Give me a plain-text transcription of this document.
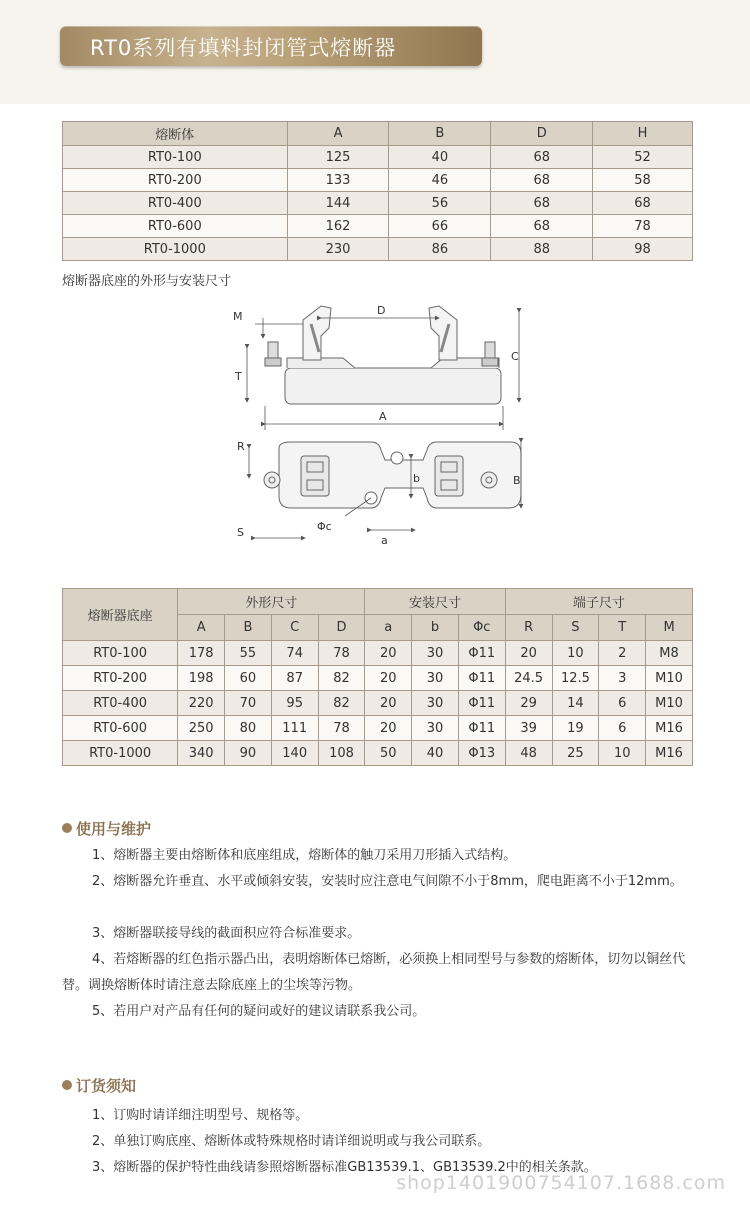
RT0系列有填料封闭管式熔断器
熔断体	A	B	D	H
RT0-100	125	40	68	52
RT0-200	133	46	68	58
RT0-400	144	56	68	68
RT0-600	162	66	68	78
RT0-1000	230	86	88	98
熔断器底座的外形与安装尺寸
M	D
C
T
A
R
b	B
S	Φc
a
熔断器底座	外形尺寸				安装尺寸			端子尺寸			
	A	B	C	D	a	b	Φc	R	S	T	M
RT0-100	178	55	74	78	20	30	Φ11	20	10	2	M8
RT0-200	198	60	87	82	20	30	Φ11	24.5	12.5	3	M10
RT0-400	220	70	95	82	20	30	Φ11	29	14	6	M10
RT0-600	250	80	111	78	20	30	Φ11	39	19	6	M16
RT0-1000	340	90	140	108	50	40	Φ13	48	25	10	M16
使用与维护
1、熔断器主要由熔断体和底座组成，熔断体的触刀采用刀形插入式结构。
2、熔断器允许垂直、水平或倾斜安装，安装时应注意电气间隙不小于8mm，爬电距离不小于12mm。
3、熔断器联接导线的截面积应符合标准要求。
4、若熔断器的红色指示器凸出，表明熔断体已熔断，必须换上相同型号与参数的熔断体，切勿以铜丝代替。调换熔断体时请注意去除底座上的尘埃等污物。
5、若用户对产品有任何的疑问或好的建议请联系我公司。
订货须知
1、订购时请详细注明型号、规格等。
2、单独订购底座、熔断体或特殊规格时请详细说明或与我公司联系。
3、熔断器的保护特性曲线请参照熔断器标准GB13539.1、GB13539.2中的相关条款。
shop1401900754107.1688.com
